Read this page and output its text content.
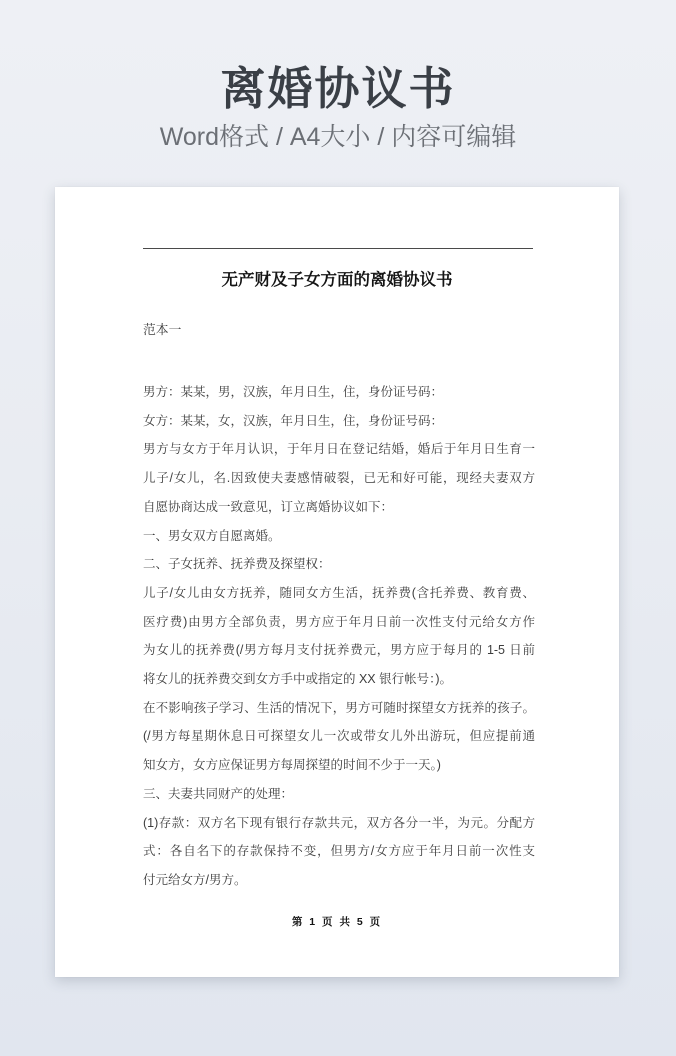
离婚协议书
Word格式 / A4大小 / 内容可编辑
无产财及子女方面的离婚协议书
范本一
男方：某某，男，汉族，年月日生，住，身份证号码：
女方：某某，女，汉族，年月日生，住，身份证号码：
男方与女方于年月认识，于年月日在登记结婚，婚后于年月日生育一
儿子/女儿，名.因致使夫妻感情破裂，已无和好可能，现经夫妻双方
自愿协商达成一致意见，订立离婚协议如下：
一、男女双方自愿离婚。
二、子女抚养、抚养费及探望权：
儿子/女儿由女方抚养，随同女方生活，抚养费(含托养费、教育费、
医疗费)由男方全部负责，男方应于年月日前一次性支付元给女方作
为女儿的抚养费(/男方每月支付抚养费元，男方应于每月的 1-5 日前
将女儿的抚养费交到女方手中或指定的 XX 银行帐号：)。
在不影响孩子学习、生活的情况下，男方可随时探望女方抚养的孩子。
(/男方每星期休息日可探望女儿一次或带女儿外出游玩，但应提前通
知女方，女方应保证男方每周探望的时间不少于一天。)
三、夫妻共同财产的处理：
(1)存款：双方名下现有银行存款共元，双方各分一半，为元。分配方
式：各自名下的存款保持不变，但男方/女方应于年月日前一次性支
付元给女方/男方。
第 1 页 共 5 页
